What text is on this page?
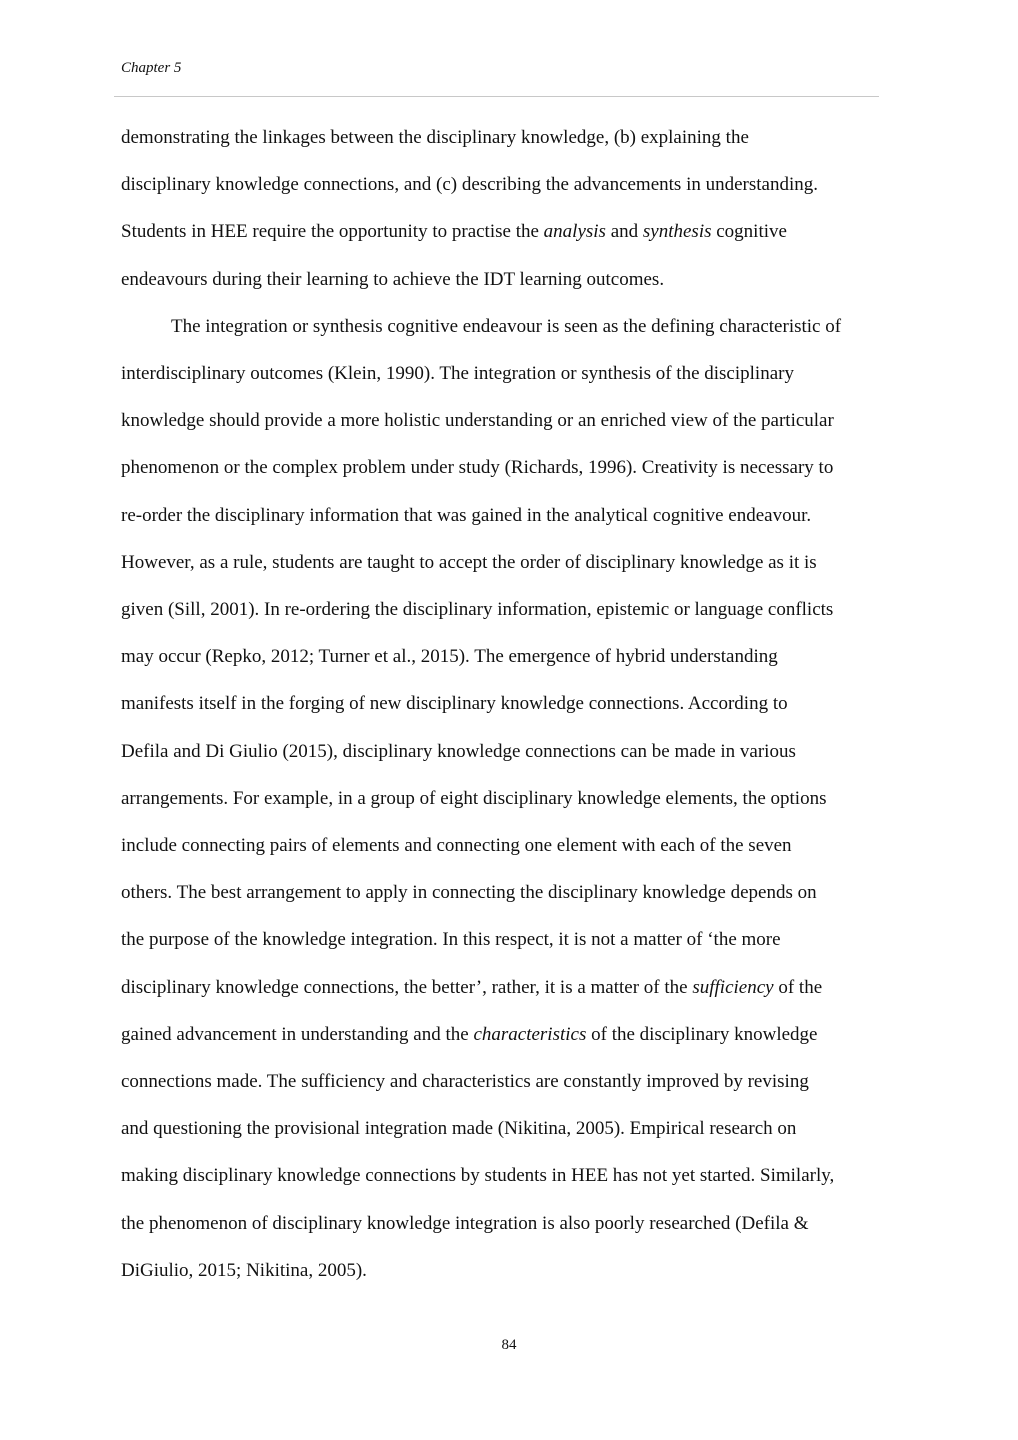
Chapter 5
demonstrating the linkages between the disciplinary knowledge, (b) explaining the
disciplinary knowledge connections, and (c) describing the advancements in understanding.
Students in HEE require the opportunity to practise the analysis and synthesis cognitive
endeavours during their learning to achieve the IDT learning outcomes.
The integration or synthesis cognitive endeavour is seen as the defining characteristic of
interdisciplinary outcomes (Klein, 1990). The integration or synthesis of the disciplinary
knowledge should provide a more holistic understanding or an enriched view of the particular
phenomenon or the complex problem under study (Richards, 1996). Creativity is necessary to
re-order the disciplinary information that was gained in the analytical cognitive endeavour.
However, as a rule, students are taught to accept the order of disciplinary knowledge as it is
given (Sill, 2001). In re-ordering the disciplinary information, epistemic or language conflicts
may occur (Repko, 2012; Turner et al., 2015). The emergence of hybrid understanding
manifests itself in the forging of new disciplinary knowledge connections. According to
Defila and Di Giulio (2015), disciplinary knowledge connections can be made in various
arrangements. For example, in a group of eight disciplinary knowledge elements, the options
include connecting pairs of elements and connecting one element with each of the seven
others. The best arrangement to apply in connecting the disciplinary knowledge depends on
the purpose of the knowledge integration. In this respect, it is not a matter of ‘the more
disciplinary knowledge connections, the better’, rather, it is a matter of the sufficiency of the
gained advancement in understanding and the characteristics of the disciplinary knowledge
connections made. The sufficiency and characteristics are constantly improved by revising
and questioning the provisional integration made (Nikitina, 2005). Empirical research on
making disciplinary knowledge connections by students in HEE has not yet started. Similarly,
the phenomenon of disciplinary knowledge integration is also poorly researched (Defila &
DiGiulio, 2015; Nikitina, 2005).
84
